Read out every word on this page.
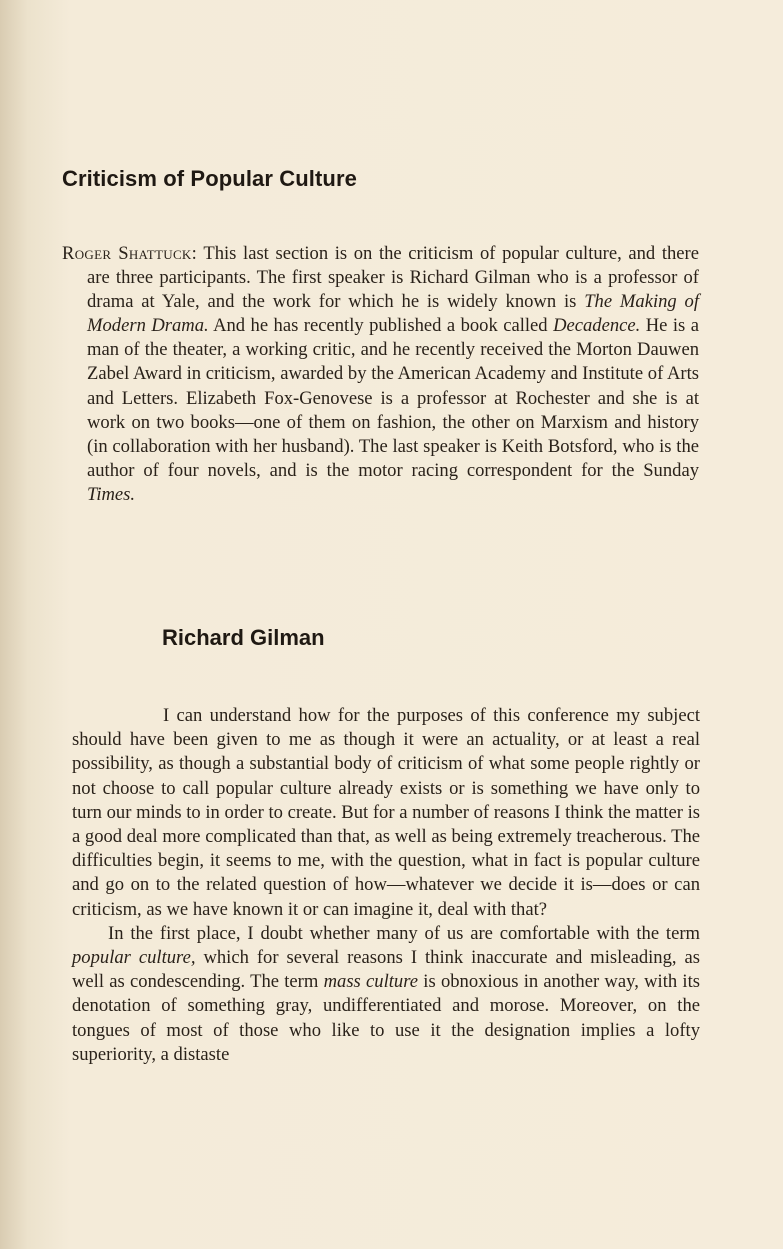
Criticism of Popular Culture

Roger Shattuck: This last section is on the criticism of popular culture, and there are three participants. The first speaker is Richard Gilman who is a professor of drama at Yale, and the work for which he is widely known is The Making of Modern Drama. And he has recently published a book called Decadence. He is a man of the theater, a working critic, and he recently received the Morton Dauwen Zabel Award in criticism, awarded by the American Academy and Institute of Arts and Letters. Elizabeth Fox-Genovese is a professor at Rochester and she is at work on two books—one of them on fashion, the other on Marxism and history (in collaboration with her husband). The last speaker is Keith Botsford, who is the author of four novels, and is the motor racing correspondent for the Sunday Times.

Richard Gilman

I can understand how for the purposes of this conference my subject should have been given to me as though it were an actuality, or at least a real possibility, as though a substantial body of criticism of what some people rightly or not choose to call popular culture already exists or is something we have only to turn our minds to in order to create. But for a number of reasons I think the matter is a good deal more complicated than that, as well as being extremely treacherous. The difficulties begin, it seems to me, with the question, what in fact is popular culture and go on to the related question of how—whatever we decide it is—does or can criticism, as we have known it or can imagine it, deal with that?

In the first place, I doubt whether many of us are comfortable with the term popular culture, which for several reasons I think inaccurate and misleading, as well as condescending. The term mass culture is obnoxious in another way, with its denotation of something gray, undifferentiated and morose. Moreover, on the tongues of most of those who like to use it the designation implies a lofty superiority, a distaste
